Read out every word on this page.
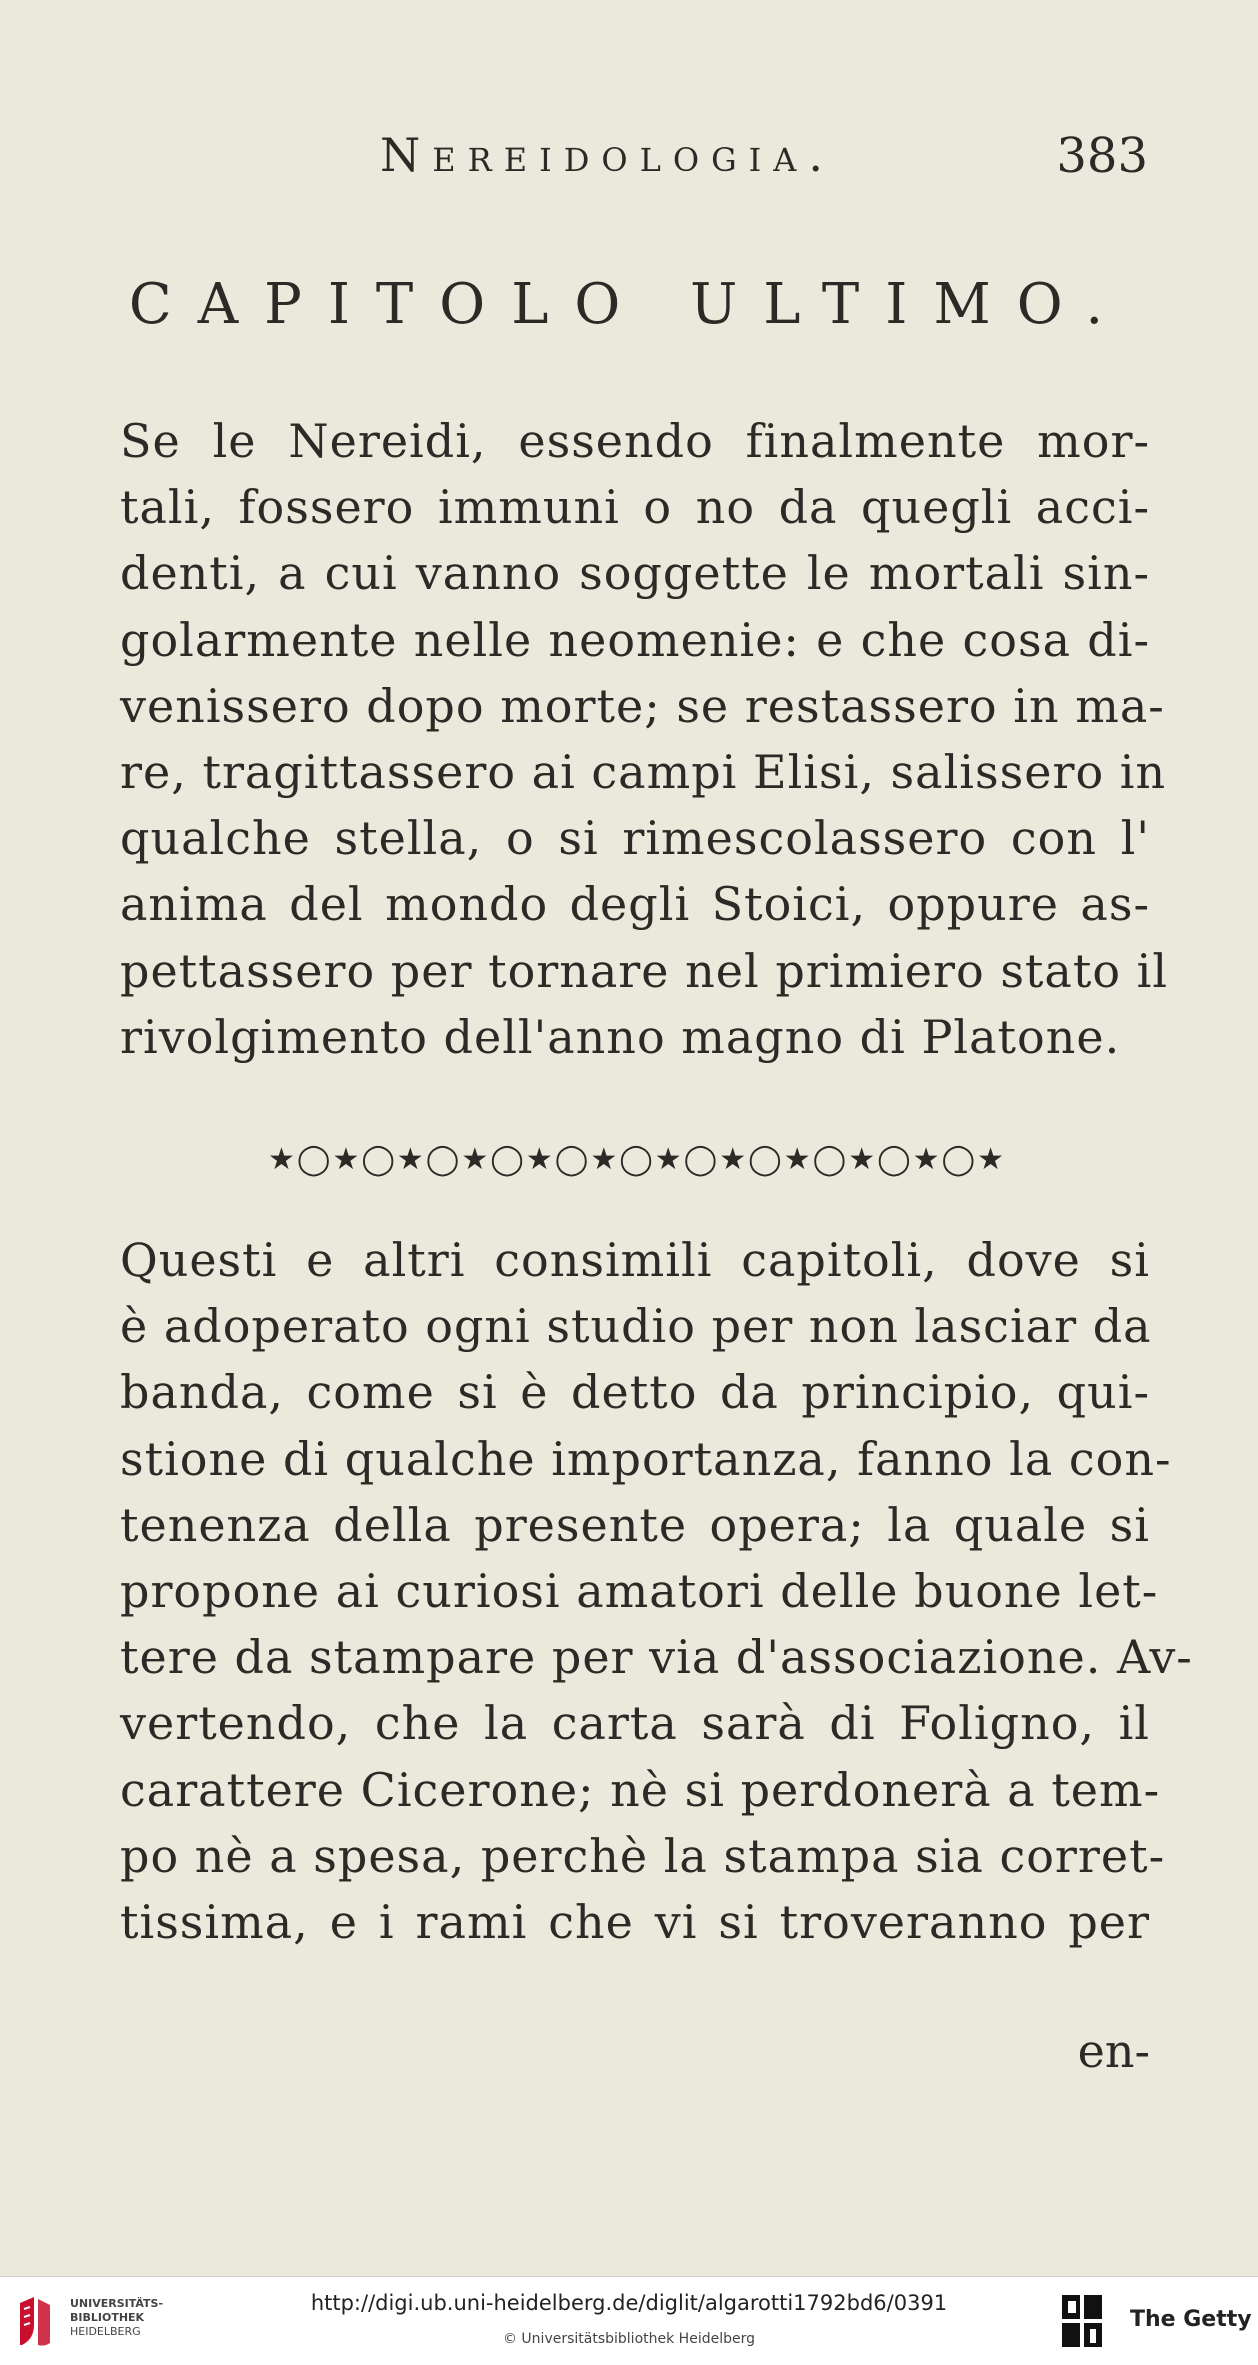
Nereidologia.	383
CAPITOLO ULTIMO.
Se le Nereidi, essendo finalmente mor-
tali, fossero immuni o no da quegli acci-
denti, a cui vanno soggette le mortali sin-
golarmente nelle neomenie: e che cosa di-
venissero dopo morte; se restassero in ma-
re, tragittassero ai campi Elisi, salissero in
qualche stella, o si rimescolassero con l'
anima del mondo degli Stoici, oppure as-
pettassero per tornare nel primiero stato il
rivolgimento dell'anno magno di Platone.
★◯★◯★◯★◯★◯★◯★◯★◯★◯★◯★◯★
Questi e altri consimili capitoli, dove si
è adoperato ogni studio per non lasciar da
banda, come si è detto da principio, qui-
stione di qualche importanza, fanno la con-
tenenza della presente opera; la quale si
propone ai curiosi amatori delle buone let-
tere da stampare per via d'associazione. Av-
vertendo, che la carta sarà di Foligno, il
carattere Cicerone; nè si perdonerà a tem-
po nè a spesa, perchè la stampa sia corret-
tissima, e i rami che vi si troveranno per
en-
UNIVERSITÄTS-
BIBLIOTHEK
HEIDELBERG
http://digi.ub.uni-heidelberg.de/diglit/algarotti1792bd6/0391
© Universitätsbibliothek Heidelberg
The Getty
